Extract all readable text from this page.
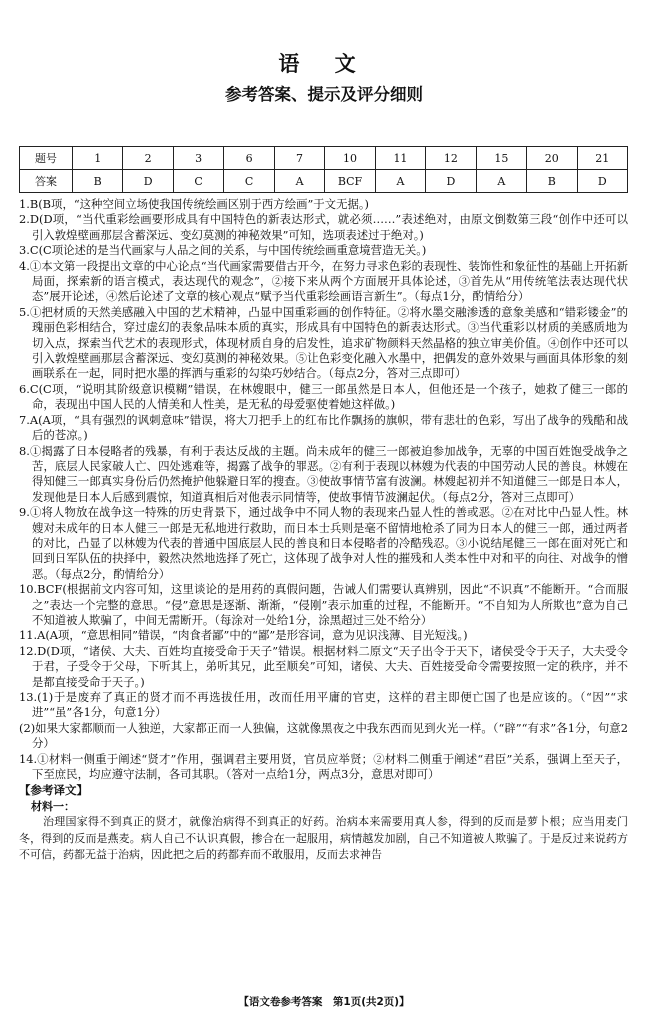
语 文
参考答案、提示及评分细则
题号	1	2	3	6	7	10	11	12	15	20	21
答案	B	D	C	C	A	BCF	A	D	A	B	D

1.B(B项，“这种空间立场使我国传统绘画区别于西方绘画”于文无据。)

2.D(D项，“当代重彩绘画要形成具有中国特色的新表达形式，就必须……”表述绝对，由原文倒数第三段“创作中还可以引入敦煌壁画那层含蓄深远、变幻莫测的神秘效果”可知，选项表述过于绝对。)

3.C(C项论述的是当代画家与人品之间的关系，与中国传统绘画重意境营造无关。)

4.①本文第一段提出文章的中心论点“当代画家需要借古开今，在努力寻求色彩的表现性、装饰性和象征性的基础上开拓新局面，探索新的语言模式，表达现代的观念”，②接下来从两个方面展开具体论述，③首先从“用传统笔法表达现代状态”展开论述，④然后论述了文章的核心观点“赋予当代重彩绘画语言新生”。（每点1分，酌情给分）

5.①把材质的天然美感融入中国的艺术精神，凸显中国重彩画的创作特征。②将水墨交融渗透的意象美感和“错彩镂金”的瑰丽色彩相结合，穿过虚幻的表象品味本质的真实，形成具有中国特色的新表达形式。③当代重彩以材质的美感质地为切入点，探索当代艺术的表现形式，体现材质自身的启发性，追求矿物颜料天然晶格的独立审美价值。④创作中还可以引入敦煌壁画那层含蓄深远、变幻莫测的神秘效果。⑤让色彩变化融入水墨中，把偶发的意外效果与画面具体形象的刻画联系在一起，同时把水墨的挥洒与重彩的勾染巧妙结合。（每点2分，答对三点即可）

6.C(C项，“说明其阶级意识模糊”错误，在林嫂眼中，健三一郎虽然是日本人，但他还是一个孩子，她救了健三一郎的命，表现出中国人民的人情美和人性美，是无私的母爱驱使着她这样做。)

7.A(A项，“具有强烈的讽刺意味”错误，将大刀把手上的红布比作飘扬的旗帜，带有悲壮的色彩，写出了战争的残酷和战后的苍凉。)

8.①揭露了日本侵略者的残暴，有利于表达反战的主题。尚未成年的健三一郎被迫参加战争，无辜的中国百姓饱受战争之苦，底层人民家破人亡、四处逃难等，揭露了战争的罪恶。②有利于表现以林嫂为代表的中国劳动人民的善良。林嫂在得知健三一郎真实身份后仍然掩护他躲避日军的搜查。③使故事情节富有波澜。林嫂起初并不知道健三一郎是日本人，发现他是日本人后感到震惊，知道真相后对他表示同情等，使故事情节波澜起伏。（每点2分，答对三点即可）

9.①将人物放在战争这一特殊的历史背景下，通过战争中不同人物的表现来凸显人性的善或恶。②在对比中凸显人性。林嫂对未成年的日本人健三一郎是无私地进行救助，而日本士兵则是毫不留情地枪杀了同为日本人的健三一郎，通过两者的对比，凸显了以林嫂为代表的普通中国底层人民的善良和日本侵略者的冷酷残忍。③小说结尾健三一郎在面对死亡和回到日军队伍的抉择中，毅然决然地选择了死亡，这体现了战争对人性的摧残和人类本性中对和平的向往、对战争的憎恶。（每点2分，酌情给分）

10.BCF(根据前文内容可知，这里谈论的是用药的真假问题，告诫人们需要认真辨别，因此“不识真”不能断开。“合而服之”表达一个完整的意思。“侵”意思是逐渐、渐渐，“侵刚”表示加重的过程，不能断开。“不自知为人所欺也”意为自己不知道被人欺骗了，中间无需断开。（每涂对一处给1分，涂黑超过三处不给分）

11.A(A项，“意思相同”错误，“肉食者鄙”中的“鄙”是形容词，意为见识浅薄、目光短浅。)

12.D(D项，“诸侯、大夫、百姓均直接受命于天子”错误。根据材料二原文“天子出令于天下，诸侯受令于天子，大夫受令于君，子受令于父母，下听其上，弟听其兄，此至顺矣”可知，诸侯、大夫、百姓接受命令需要按照一定的秩序，并不是都直接受命于天子。)

13.(1)于是废弃了真正的贤才而不再选拔任用，改而任用平庸的官吏，这样的君主即便亡国了也是应该的。（“因”“求进”“虽”各1分，句意1分）

(2)如果大家都顺而一人独逆，大家都正而一人独偏，这就像黑夜之中我东西而见到火光一样。（“辟”“有求”各1分，句意2分）

14.①材料一侧重于阐述“贤才”作用，强调君主要用贤，官员应举贤；②材料二侧重于阐述“君臣”关系，强调上至天子，下至庶民，均应遵守法制，各司其职。（答对一点给1分，两点3分，意思对即可）

【参考译文】

材料一：

治理国家得不到真正的贤才，就像治病得不到真正的好药。治病本来需要用真人参，得到的反而是萝卜根；应当用麦门冬，得到的反而是燕麦。病人自己不认识真假，掺合在一起服用，病情越发加剧，自己不知道被人欺骗了。于是反过来说药方不可信，药都无益于治病，因此把之后的药都弃而不敢服用，反而去求神告

【语文卷参考答案　第1页(共2页)】
